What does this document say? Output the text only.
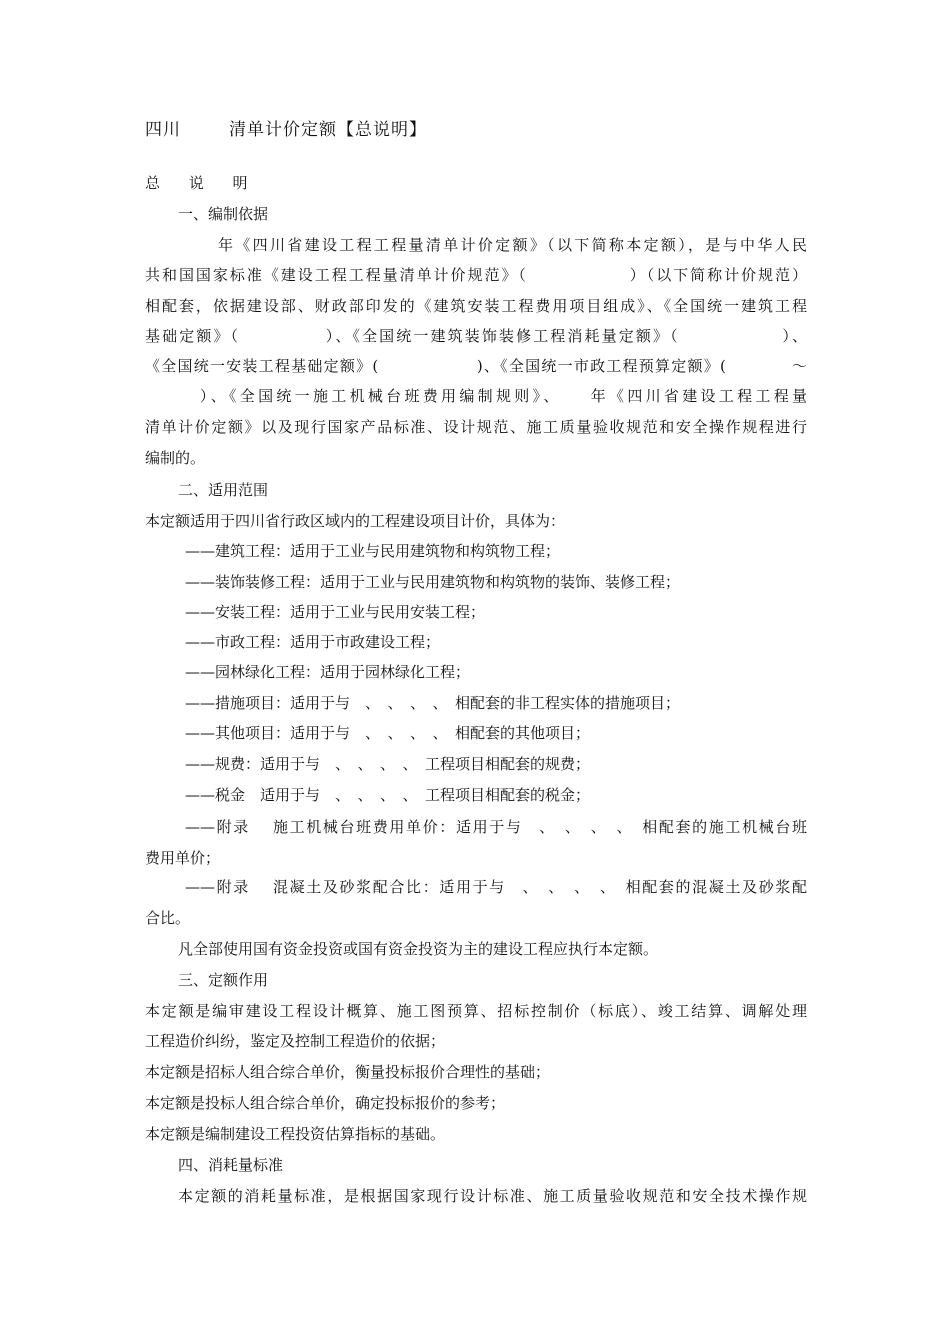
四川	清单计价定额【总说明】
总 说 明
一、编制依据
年《四川省建设工程工程量清单计价定额》（以下简称本定额），是与中华人民
共和国国家标准《建设工程工程量清单计价规范》（　　　　　　）（以下简称计价规范）
相配套，依据建设部、财政部印发的《建筑安装工程费用项目组成》、《全国统一建筑工程
基础定额》（　　　　　）、《全国统一建筑装饰装修工程消耗量定额》（　　　　　　）、
《全国统一安装工程基础定额》(　　　　　　)、《全国统一市政工程预算定额》(　　　　～
　　　）、《全国统一施工机械台班费用编制规则》、　　年《四川省建设工程工程量
清单计价定额》以及现行国家产品标准、设计规范、施工质量验收规范和安全操作规程进行
编制的。
二、适用范围
本定额适用于四川省行政区域内的工程建设项目计价，具体为：
——建筑工程：适用于工业与民用建筑物和构筑物工程；
——装饰装修工程：适用于工业与民用建筑物和构筑物的装饰、装修工程；
——安装工程：适用于工业与民用安装工程；
——市政工程：适用于市政建设工程；
——园林绿化工程：适用于园林绿化工程；
——措施项目：适用于与　、　、　、　、　相配套的非工程实体的措施项目；
——其他项目：适用于与　、　、　、　、　相配套的其他项目；
——规费：适用于与　、　、　、　、　工程项目相配套的规费；
——税金　适用于与　、　、　、　、　工程项目相配套的税金；
——附录　 施工机械台班费用单价：适用于与　、　、　、　、　相配套的施工机械台班
费用单价；
——附录　 混凝土及砂浆配合比：适用于与　、　、　、　、　相配套的混凝土及砂浆配
合比。
凡全部使用国有资金投资或国有资金投资为主的建设工程应执行本定额。
三、定额作用
本定额是编审建设工程设计概算、施工图预算、招标控制价（标底）、竣工结算、调解处理
工程造价纠纷，鉴定及控制工程造价的依据；
本定额是招标人组合综合单价，衡量投标报价合理性的基础；
本定额是投标人组合综合单价，确定投标报价的参考；
本定额是编制建设工程投资估算指标的基础。
四、消耗量标准
本定额的消耗量标准，是根据国家现行设计标准、施工质量验收规范和安全技术操作规
